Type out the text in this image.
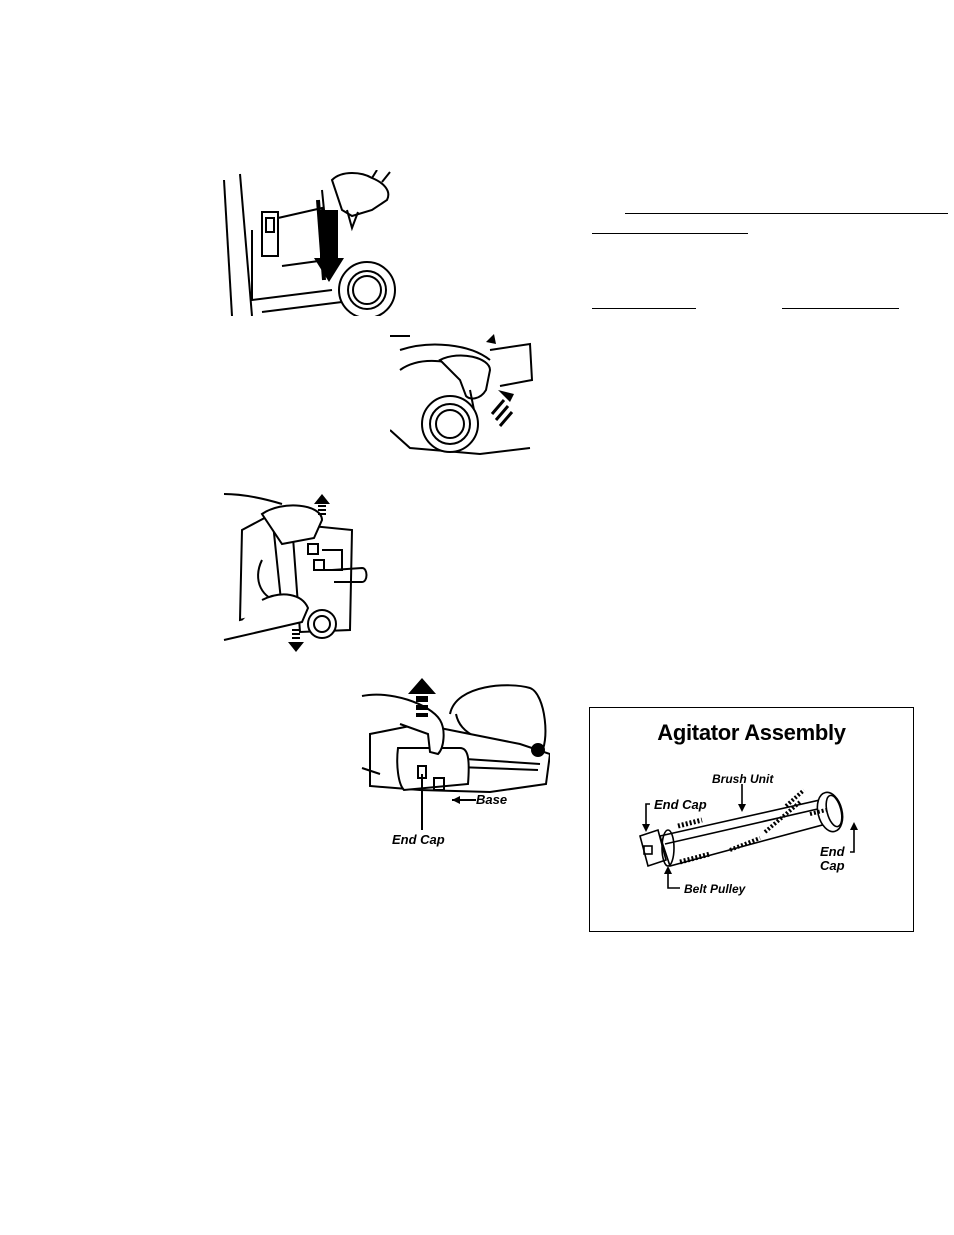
Base
End Cap
Agitator Assembly
Brush Unit
End Cap
End
Cap
Belt Pulley
